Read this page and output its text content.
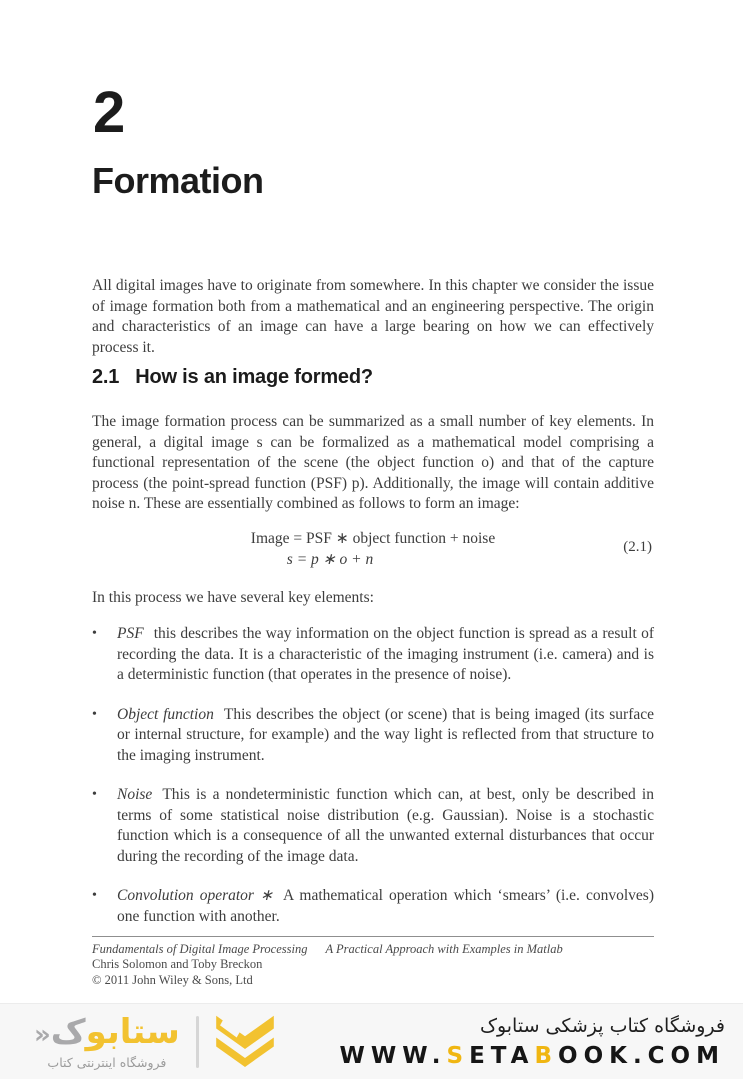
2
Formation

All digital images have to originate from somewhere. In this chapter we consider the issue of image formation both from a mathematical and an engineering perspective. The origin and characteristics of an image can have a large bearing on how we can effectively process it.

2.1 How is an image formed?

The image formation process can be summarized as a small number of key elements. In general, a digital image s can be formalized as a mathematical model comprising a functional representation of the scene (the object function o) and that of the capture process (the point-spread function (PSF) p). Additionally, the image will contain additive noise n. These are essentially combined as follows to form an image:

Image = PSF ∗ object function + noise
s = p ∗ o + n
(2.1)

In this process we have several key elements:

•	PSF this describes the way information on the object function is spread as a result of recording the data. It is a characteristic of the imaging instrument (i.e. camera) and is a deterministic function (that operates in the presence of noise).
•	Object function This describes the object (or scene) that is being imaged (its surface or internal structure, for example) and the way light is reflected from that structure to the imaging instrument.
•	Noise This is a nondeterministic function which can, at best, only be described in terms of some statistical noise distribution (e.g. Gaussian). Noise is a stochastic function which is a consequence of all the unwanted external disturbances that occur during the recording of the image data.
•	Convolution operator ∗ A mathematical operation which ‘smears’ (i.e. convolves) one function with another.
Fundamentals of Digital Image Processing A Practical Approach with Examples in Matlab
Chris Solomon and Toby Breckon
© 2011 John Wiley & Sons, Ltd
ستابوک«
فروشگاه اینترنتی کتاب
فروشگاه کتاب پزشکی ستابوک
WWW.SETABOOK.COM
